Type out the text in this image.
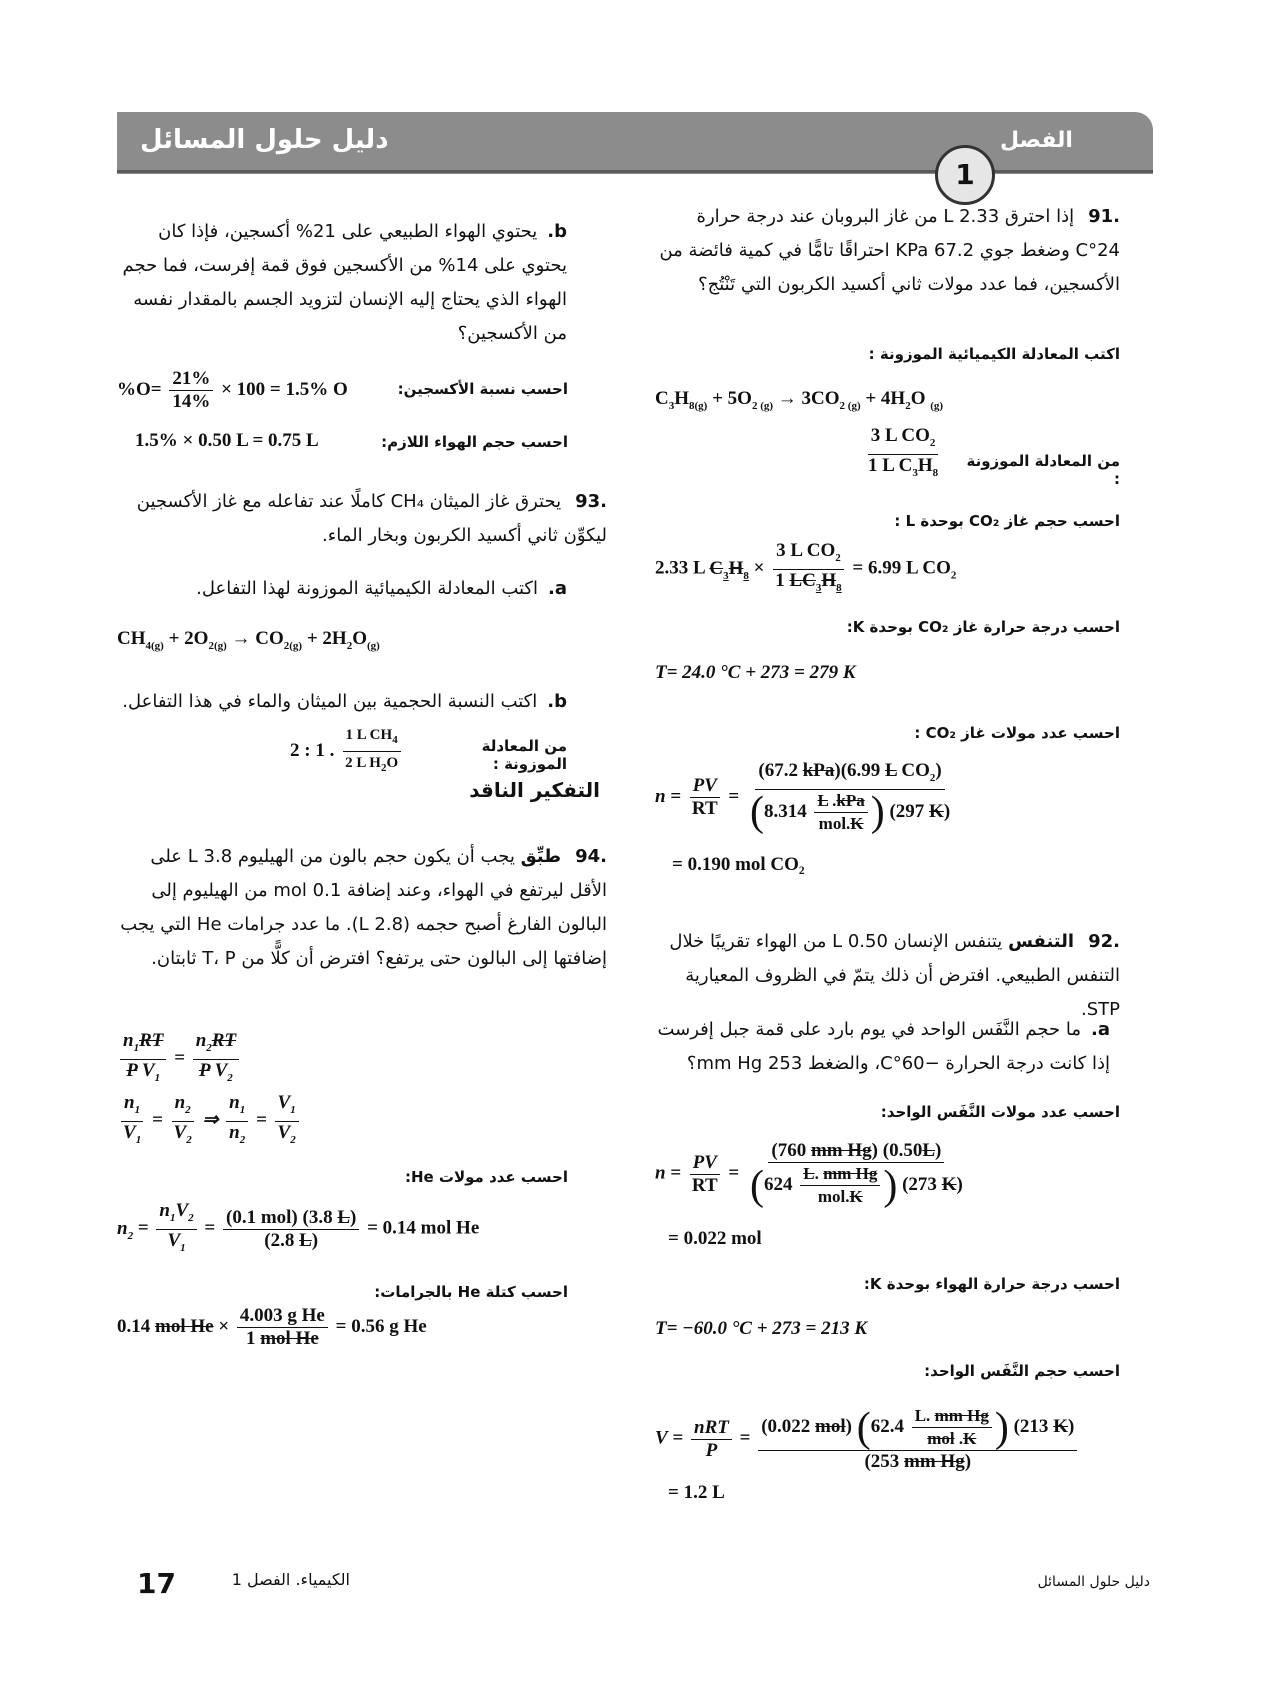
دليل حلول المسائل	الفصل
1
.91
إذا احترق 2.33 L من غاز البروبان عند درجة حرارة 24°C وضغط جوي 67.2 KPa احتراقًا تامًّا في كمية فائضة من الأكسجين، فما عدد مولات ثاني أكسيد الكربون التي تَنْتُج؟
اكتب المعادلة الكيميائية الموزونة :
$C_3H_{8(g)} + 5O_{2 (g)} \to 3CO_{2 (g)} + 4H_2O$ $_{(g)}$
من المعادلة الموزونة :
$\frac{3 L CO_2}{1 L C_3H_8}$
احسب حجم غاز CO₂ بوحدة L :
2.33 L $C_3H_8 \times \frac{3 L CO_2}{1 LC_3H_8} = 6.99$ L $CO_2$
احسب درجة حرارة غاز CO₂ بوحدة K:
T= 24.0 °C + 273 = 279 K
احسب عدد مولات غاز CO₂ :
$n = \frac{PV}{RT} = \frac{(67.2 kPa)(6.99 L CO_2)}{(8.314 \frac{\text{L .kPa}}{\text{mol.K}} ) (297 K)}$
= 0.190 mol CO₂
.92
التنفس يتنفس الإنسان 0.50 L من الهواء تقريبًا خلال التنفس الطبيعي. افترض أن ذلك يتمّ في الظروف المعيارية STP.
a.
ما حجم النَّفَس الواحد في يوم بارد على قمة جبل إفرست إذا كانت درجة الحرارة −60°C، والضغط 253 mm Hg؟
احسب عدد مولات النَّفَس الواحد:
$n = \frac{PV}{RT} = \frac{\text{(760 mm Hg) (0.50L)}}{(624 \frac{\text{L. mm Hg}}{\text{mol.K}} ) (273 K)}$
= 0.022 mol
احسب درجة حرارة الهواء بوحدة K:
T= −60.0 °C + 273 = 213 K
احسب حجم النَّفَس الواحد:
$V = \frac{\text{nRT}}{P} = \frac{(0.022 mol) (62.4 \frac{\text{L. mm Hg}}{\text{mol .K}} ) (213 K)}{\text{(253 mm Hg)}}$
= 1.2 L
b.
يحتوي الهواء الطبيعي على 21% أكسجين، فإذا كان يحتوي على 14% من الأكسجين فوق قمة إفرست، فما حجم الهواء الذي يحتاج إليه الإنسان لتزويد الجسم بالمقدار نفسه من الأكسجين؟
احسب نسبة الأكسجين:
$\%O= \frac{21\%}{14\%} \times 100 = 1.5\%$ O
احسب حجم الهواء اللازم:
1.5% × 0.50 L = 0.75 L
.93
يحترق غاز الميثان CH₄ كاملًا عند تفاعله مع غاز الأكسجين ليكوِّن ثاني أكسيد الكربون وبخار الماء.
a.
اكتب المعادلة الكيميائية الموزونة لهذا التفاعل.
$CH_{4(g)} + 2O_{2(g)} \to CO_{2(g)} + 2H_2O_{(g)}$
b.
اكتب النسبة الحجمية بين الميثان والماء في هذا التفاعل.
من المعادلة الموزونة :
2 : 1 . $\frac{1 L CH_4}{2 L H_2O}$
التفكير الناقد
.94
طبِّق يجب أن يكون حجم بالون من الهيليوم 3.8 L على الأقل ليرتفع في الهواء، وعند إضافة 0.1 mol من الهيليوم إلى البالون الفارغ أصبح حجمه (2.8 L). ما عدد جرامات He التي يجب إضافتها إلى البالون حتى يرتفع؟ افترض أن كلًّا من T، P ثابتان.
$\frac{n_1RT}{P V_1} = \frac{n_2RT}{P V_2}$
$\frac{n_1}{V_1} = \frac{n_2}{V_2}$ ⇒ $\frac{n_1}{n_2} = \frac{V_1}{V_2}$
احسب عدد مولات He:
$n_2 = \frac{n_1V_2}{V_1} = \frac{\text{(0.1 mol) (3.8 L)}}{(2.8 L)} = 0.14$ mol He
احسب كتلة He بالجرامات:
0.14 mol $He \times \frac{\text{4.003 g He}}{\text{1 mol He}} = 0.56$ g He
17	الكيمياء. الفصل 1	دليل حلول المسائل
